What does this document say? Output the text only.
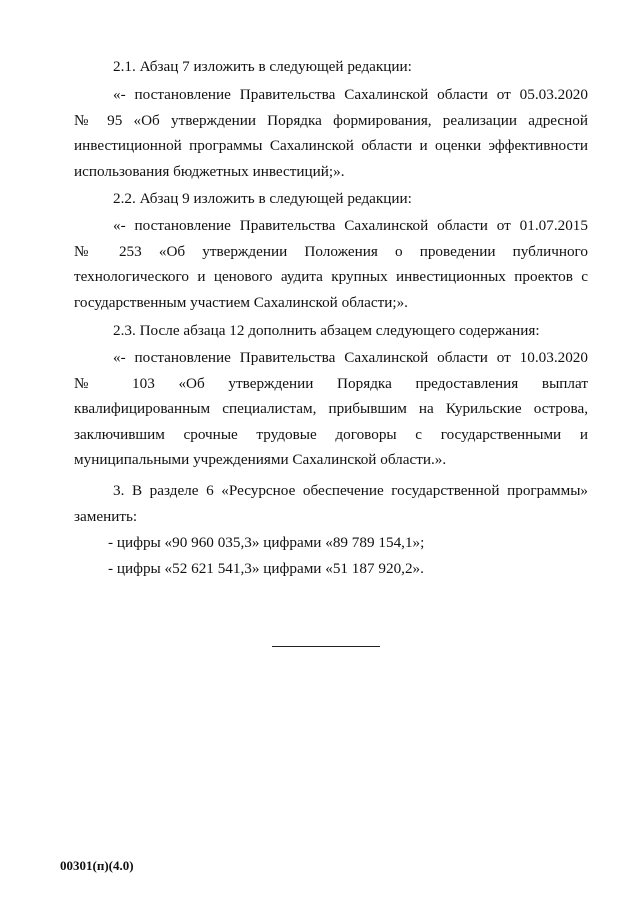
2.1. Абзац 7 изложить в следующей редакции:

«- постановление Правительства Сахалинской области от 05.03.2020
№ 95 «Об утверждении Порядка формирования, реализации адресной
инвестиционной программы Сахалинской области и оценки эффективности
использования бюджетных инвестиций;».

2.2. Абзац 9 изложить в следующей редакции:

«- постановление Правительства Сахалинской области от 01.07.2015
№ 253 «Об утверждении Положения о проведении публичного
технологического и ценового аудита крупных инвестиционных проектов с
государственным участием Сахалинской области;».

2.3. После абзаца 12 дополнить абзацем следующего содержания:

«- постановление Правительства Сахалинской области от 10.03.2020
№ 103 «Об утверждении Порядка предоставления выплат
квалифицированным специалистам, прибывшим на Курильские острова,
заключившим срочные трудовые договоры с государственными и
муниципальными учреждениями Сахалинской области.».
3. В разделе 6 «Ресурсное обеспечение государственной программы»
заменить:

- цифры «90 960 035,3» цифрами «89 789 154,1»;

- цифры «52 621 541,3» цифрами «51 187 920,2».

00301(п)(4.0)
